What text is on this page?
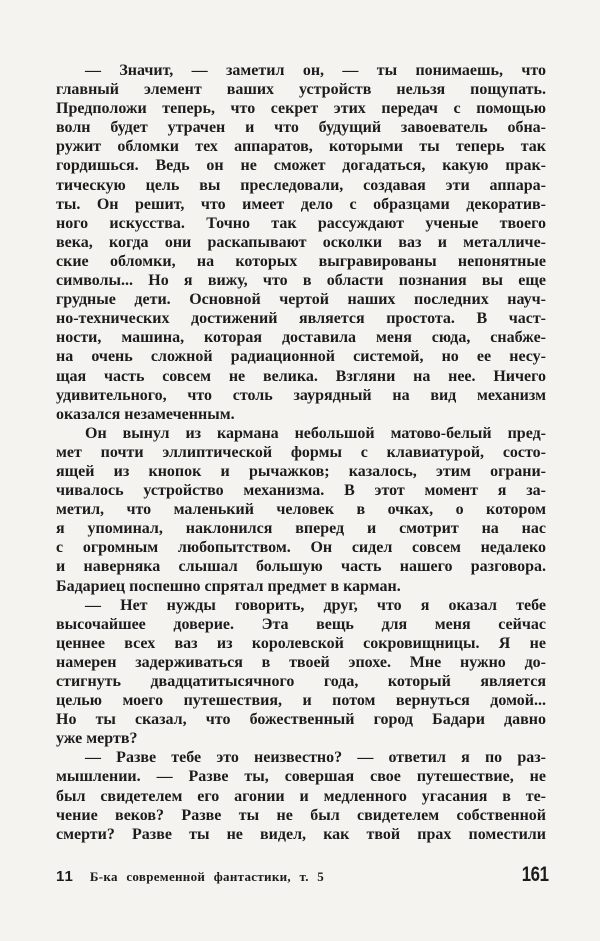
— Значит, — заметил он, — ты понимаешь, что
главный элемент ваших устройств нельзя пощупать.
Предположи теперь, что секрет этих передач с помощью
волн будет утрачен и что будущий завоеватель обна-
ружит обломки тех аппаратов, которыми ты теперь так
гордишься. Ведь он не сможет догадаться, какую прак-
тическую цель вы преследовали, создавая эти аппара-
ты. Он решит, что имеет дело с образцами декоратив-
ного искусства. Точно так рассуждают ученые твоего
века, когда они раскапывают осколки ваз и металличе-
ские обломки, на которых выгравированы непонятные
символы... Но я вижу, что в области познания вы еще
грудные дети. Основной чертой наших последних науч-
но-технических достижений является простота. В част-
ности, машина, которая доставила меня сюда, снабже-
на очень сложной радиационной системой, но ее несу-
щая часть совсем не велика. Взгляни на нее. Ничего
удивительного, что столь заурядный на вид механизм
оказался незамеченным.
Он вынул из кармана небольшой матово-белый пред-
мет почти эллиптической формы с клавиатурой, состо-
ящей из кнопок и рычажков; казалось, этим ограни-
чивалось устройство механизма. В этот момент я за-
метил, что маленький человек в очках, о котором
я упоминал, наклонился вперед и смотрит на нас
с огромным любопытством. Он сидел совсем недалеко
и наверняка слышал большую часть нашего разговора.
Бадариец поспешно спрятал предмет в карман.
— Нет нужды говорить, друг, что я оказал тебе
высочайшее доверие. Эта вещь для меня сейчас
ценнее всех ваз из королевской сокровищницы. Я не
намерен задерживаться в твоей эпохе. Мне нужно до-
стигнуть двадцатитысячного года, который является
целью моего путешествия, и потом вернуться домой...
Но ты сказал, что божественный город Бадари давно
уже мертв?
— Разве тебе это неизвестно? — ответил я по раз-
мышлении. — Разве ты, совершая свое путешествие, не
был свидетелем его агонии и медленного угасания в те-
чение веков? Разве ты не был свидетелем собственной
смерти? Разве ты не видел, как твой прах поместили
11 Б-ка современной фантастики, т. 5	161
